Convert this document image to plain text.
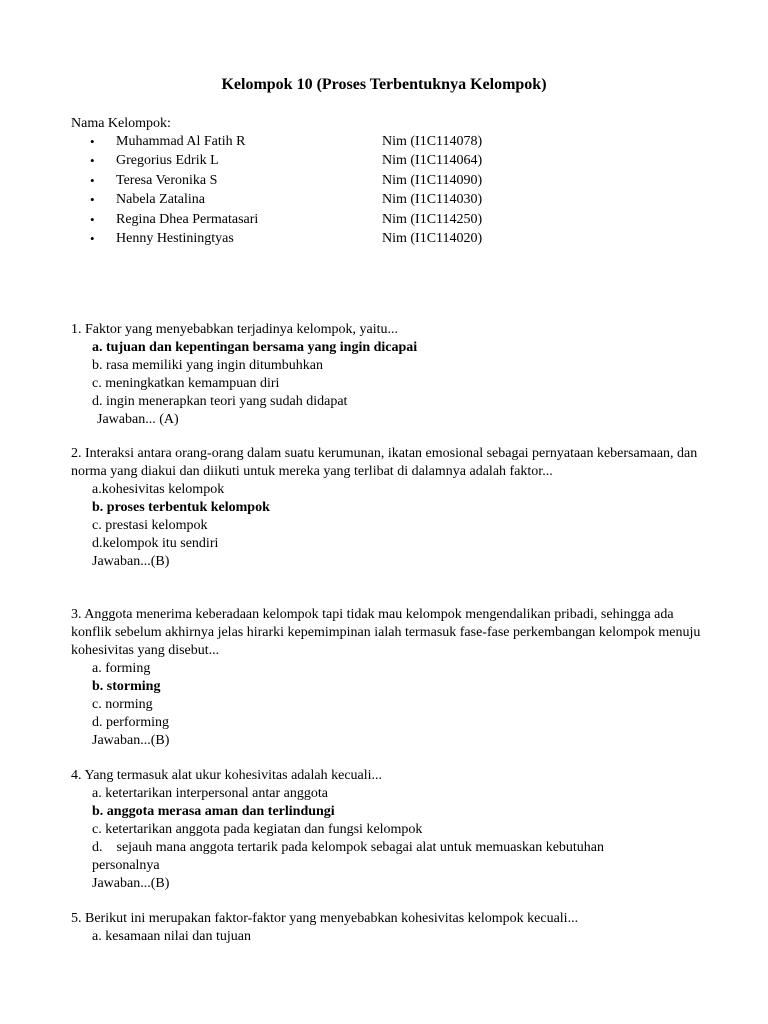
Kelompok 10 (Proses Terbentuknya Kelompok)
Nama Kelompok:
• Muhammad Al Fatih R	Nim (I1C114078)
• Gregorius Edrik L	Nim (I1C114064)
• Teresa Veronika S	Nim (I1C114090)
• Nabela Zatalina	Nim (I1C114030)
• Regina Dhea Permatasari	Nim (I1C114250)
• Henny Hestiningtyas	Nim (I1C114020)
1. Faktor yang menyebabkan terjadinya kelompok, yaitu...
a. tujuan dan kepentingan bersama yang ingin dicapai
b. rasa memiliki yang ingin ditumbuhkan
c. meningkatkan kemampuan diri
d. ingin menerapkan teori yang sudah didapat
Jawaban... (A)
2. Interaksi antara orang-orang dalam suatu kerumunan, ikatan emosional sebagai pernyataan kebersamaan, dan norma yang diakui dan diikuti untuk mereka yang terlibat di dalamnya adalah faktor...
a.kohesivitas kelompok
b. proses terbentuk kelompok
c. prestasi kelompok
d.kelompok itu sendiri
Jawaban...(B)
3. Anggota menerima keberadaan kelompok tapi tidak mau kelompok mengendalikan pribadi, sehingga ada konflik sebelum akhirnya jelas hirarki kepemimpinan ialah termasuk fase-fase perkembangan kelompok menuju kohesivitas yang disebut...
a. forming
b. storming
c. norming
d. performing
Jawaban...(B)
4. Yang termasuk alat ukur kohesivitas adalah kecuali...
a. ketertarikan interpersonal antar anggota
b. anggota merasa aman dan terlindungi
c. ketertarikan anggota pada kegiatan dan fungsi kelompok
d.    sejauh mana anggota tertarik pada kelompok sebagai alat untuk memuaskan kebutuhan personalnya
Jawaban...(B)
5. Berikut ini merupakan faktor-faktor yang menyebabkan kohesivitas kelompok kecuali...
a. kesamaan nilai dan tujuan
